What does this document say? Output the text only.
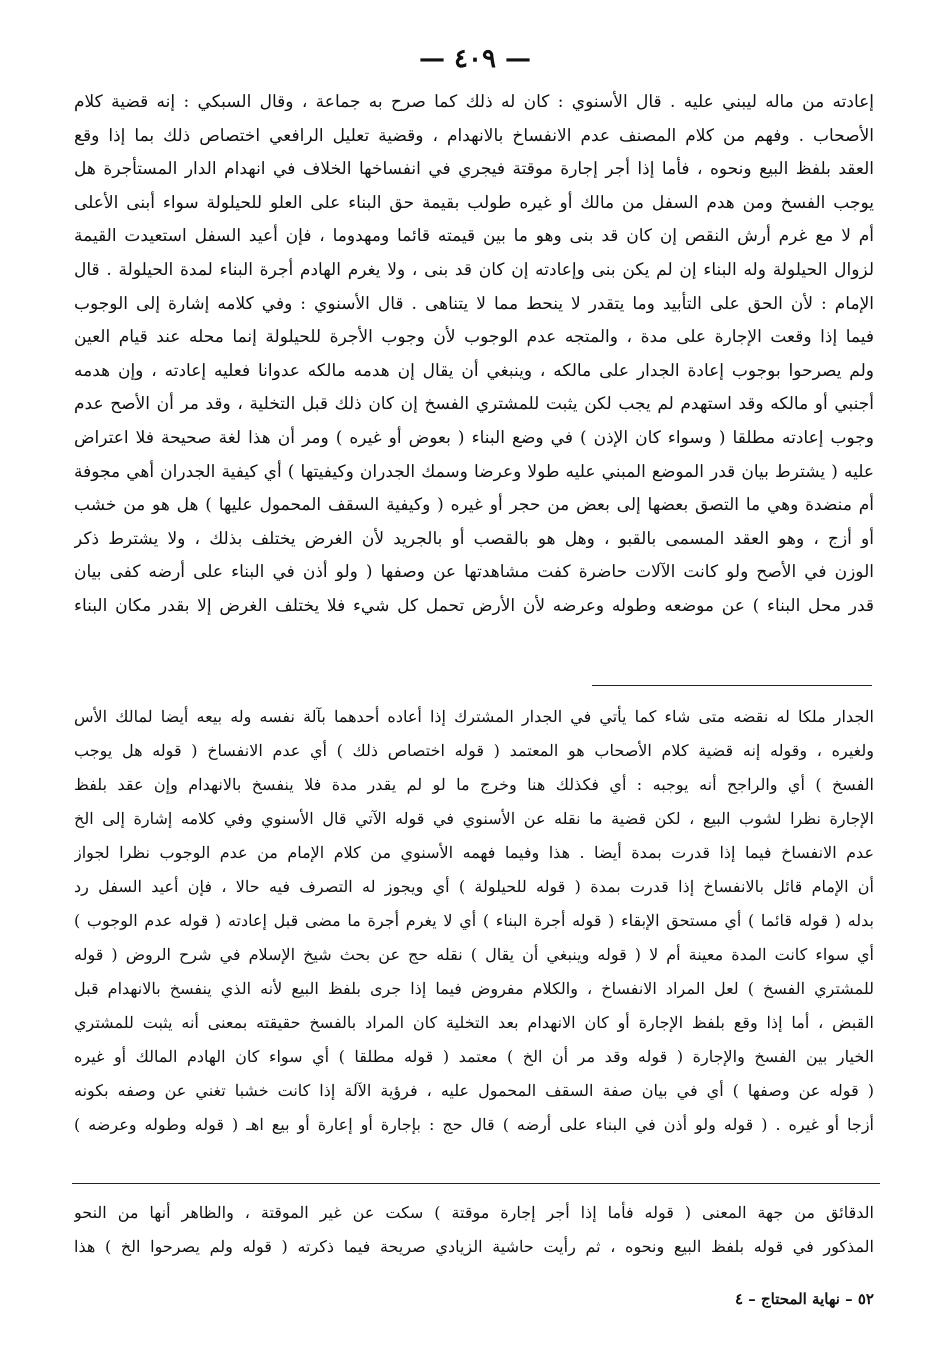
— ٤٠٩ —
إعادته من ماله ليبني عليه . قال الأسنوي : كان له ذلك كما صرح به جماعة ، وقال السبكي : إنه قضية كلام
الأصحاب . وفهم من كلام المصنف عدم الانفساخ بالانهدام ، وقضية تعليل الرافعي اختصاص ذلك بما إذا وقع
العقد بلفظ البيع ونحوه ، فأما إذا أجر إجارة موقتة فيجري في انفساخها الخلاف في انهدام الدار المستأجرة هل
يوجب الفسخ ومن هدم السفل من مالك أو غيره طولب بقيمة حق البناء على العلو للحيلولة سواء أبنى الأعلى
أم لا مع غرم أرش النقص إن كان قد بنى وهو ما بين قيمته قائما ومهدوما ، فإن أعيد السفل استعيدت القيمة
لزوال الحيلولة وله البناء إن لم يكن بنى وإعادته إن كان قد بنى ، ولا يغرم الهادم أجرة البناء لمدة الحيلولة . قال
الإمام : لأن الحق على التأبيد وما يتقدر لا ينحط مما لا يتناهى . قال الأسنوي : وفي كلامه إشارة إلى الوجوب
فيما إذا وقعت الإجارة على مدة ، والمتجه عدم الوجوب لأن وجوب الأجرة للحيلولة إنما محله عند قيام العين
ولم يصرحوا بوجوب إعادة الجدار على مالكه ، وينبغي أن يقال إن هدمه مالكه عدوانا فعليه إعادته ، وإن هدمه
أجنبي أو مالكه وقد استهدم لم يجب لكن يثبت للمشتري الفسخ إن كان ذلك قبل التخلية ، وقد مر أن الأصح عدم
وجوب إعادته مطلقا ( وسواء كان الإذن ) في وضع البناء ( بعوض أو غيره ) ومر أن هذا لغة صحيحة فلا اعتراض
عليه ( يشترط بيان قدر الموضع المبني عليه طولا وعرضا وسمك الجدران وكيفيتها ) أي كيفية الجدران أهي مجوفة
أم منضدة وهي ما التصق بعضها إلى بعض من حجر أو غيره ( وكيفية السقف المحمول عليها ) هل هو من خشب
أو أزج ، وهو العقد المسمى بالقبو ، وهل هو بالقصب أو بالجريد لأن الغرض يختلف بذلك ، ولا يشترط ذكر
الوزن في الأصح ولو كانت الآلات حاضرة كفت مشاهدتها عن وصفها ( ولو أذن في البناء على أرضه كفى بيان
قدر محل البناء ) عن موضعه وطوله وعرضه لأن الأرض تحمل كل شيء فلا يختلف الغرض إلا بقدر مكان البناء
الجدار ملكا له نقضه متى شاء كما يأتي في الجدار المشترك إذا أعاده أحدهما بآلة نفسه وله بيعه أيضا لمالك الأس
ولغيره ، وقوله إنه قضية كلام الأصحاب هو المعتمد ( قوله اختصاص ذلك ) أي عدم الانفساخ ( قوله هل يوجب
الفسخ ) أي والراجح أنه يوجبه : أي فكذلك هنا وخرج ما لو لم يقدر مدة فلا ينفسخ بالانهدام وإن عقد بلفظ
الإجارة نظرا لشوب البيع ، لكن قضية ما نقله عن الأسنوي في قوله الآتي قال الأسنوي وفي كلامه إشارة إلى الخ
عدم الانفساخ فيما إذا قدرت بمدة أيضا . هذا وفيما فهمه الأسنوي من كلام الإمام من عدم الوجوب نظرا لجواز
أن الإمام قائل بالانفساخ إذا قدرت بمدة ( قوله للحيلولة ) أي ويجوز له التصرف فيه حالا ، فإن أعيد السفل رد
بدله ( قوله قائما ) أي مستحق الإبقاء ( قوله أجرة البناء ) أي لا يغرم أجرة ما مضى قبل إعادته ( قوله عدم الوجوب )
أي سواء كانت المدة معينة أم لا ( قوله وينبغي أن يقال ) نقله حج عن بحث شيخ الإسلام في شرح الروض ( قوله
للمشتري الفسخ ) لعل المراد الانفساخ ، والكلام مفروض فيما إذا جرى بلفظ البيع لأنه الذي ينفسخ بالانهدام قبل
القبض ، أما إذا وقع بلفظ الإجارة أو كان الانهدام بعد التخلية كان المراد بالفسخ حقيقته بمعنى أنه يثبت للمشتري
الخيار بين الفسخ والإجارة ( قوله وقد مر أن الخ ) معتمد ( قوله مطلقا ) أي سواء كان الهادم المالك أو غيره
( قوله عن وصفها ) أي في بيان صفة السقف المحمول عليه ، فرؤية الآلة إذا كانت خشبا تغني عن وصفه بكونه
أزجا أو غيره . ( قوله ولو أذن في البناء على أرضه ) قال حج : بإجارة أو إعارة أو بيع اهـ ( قوله وطوله وعرضه )
الدقائق من جهة المعنى ( قوله فأما إذا أجر إجارة موقتة ) سكت عن غير الموقتة ، والظاهر أنها من النحو
المذكور في قوله بلفظ البيع ونحوه ، ثم رأيت حاشية الزيادي صريحة فيما ذكرته ( قوله ولم يصرحوا الخ ) هذا
٥٢ – نهاية المحتاج – ٤
